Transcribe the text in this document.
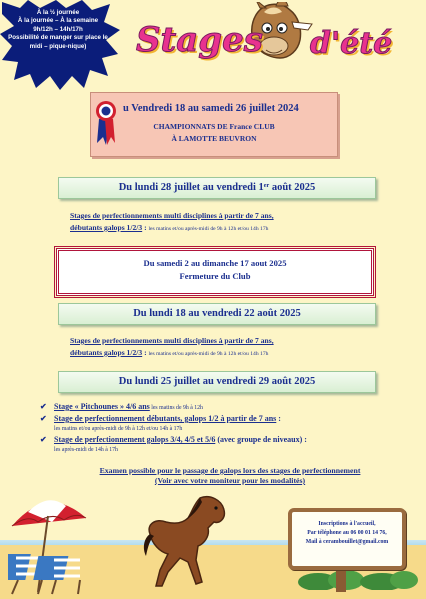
À la ½ journée
À la journée – À la semaine
9h/12h – 14h/17h
Possibilité de manger sur place le
midi – pique-nique)	Stages d'été
u Vendredi 18 au samedi 26 juillet 2024
CHAMPIONNATS DE France CLUB
À LAMOTTE BEUVRON
Du lundi 28 juillet au vendredi 1ᵉʳ août 2025
Stages de perfectionnements multi disciplines à partir de 7 ans,
débutants galops 1/2/3 : les matins et/ou après-midi de 9h à 12h et/ou 14h 17h
Du samedi 2 au dimanche 17 aout 2025
Fermeture du Club
Du lundi 18 au vendredi 22 août 2025
Stages de perfectionnements multi disciplines à partir de 7 ans,
débutants galops 1/2/3 : les matins et/ou après-midi de 9h à 12h et/ou 14h 17h
Du lundi 25 juillet au vendredi 29 août 2025
✔ Stage « Pitchounes » 4/6 ans les matins de 9h à 12h
✔ Stage de perfectionnement débutants, galops 1/2 à partir de 7 ans :
les matins et/ou après-midi de 9h à 12h et/ou 14h à 17h
✔ Stage de perfectionnement galops 3/4, 4/5 et 5/6 (avec groupe de niveaux) :
les après-midi de 14h à 17h
Examen possible pour le passage de galops lors des stages de perfectionnement
(Voir avec votre moniteur pour les modalités)
Inscriptions à l'accueil,
Par téléphone au 06 00 01 14 76,
Mail à cerambouillet@gmail.com
